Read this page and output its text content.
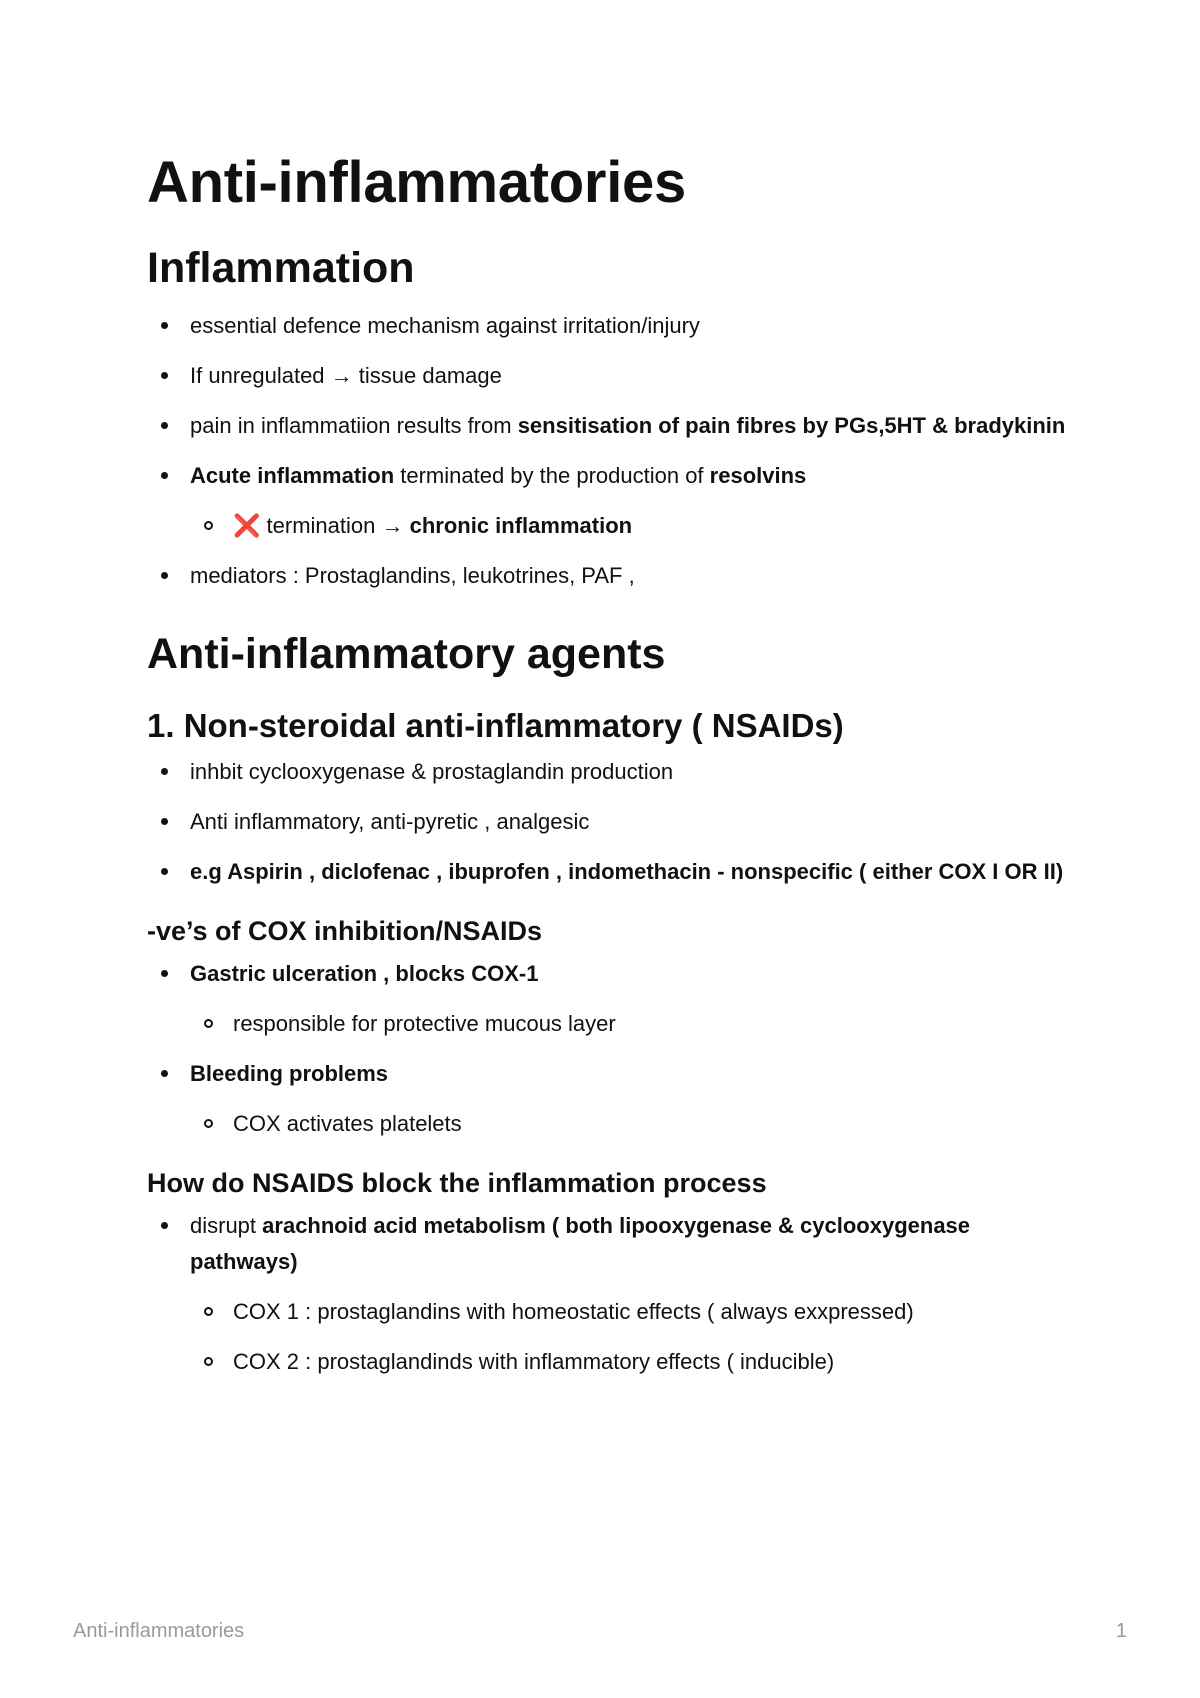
Anti-inflammatories
Inflammation
essential defence mechanism against irritation/injury
If unregulated → tissue damage
pain in inflammatiion results from sensitisation of pain fibres by PGs,5HT & bradykinin
Acute inflammation terminated by the production of resolvins
❌ termination → chronic inflammation
mediators : Prostaglandins, leukotrines, PAF ,
Anti-inflammatory agents
1. Non-steroidal anti-inflammatory ( NSAIDs)
inhbit cyclooxygenase & prostaglandin production
Anti inflammatory, anti-pyretic , analgesic
e.g Aspirin , diclofenac , ibuprofen , indomethacin - nonspecific ( either COX I OR II)
-ve’s of COX inhibition/NSAIDs
Gastric ulceration , blocks COX-1
responsible for protective mucous layer
Bleeding problems
COX activates platelets
How do NSAIDS block the inflammation process
disrupt arachnoid acid metabolism ( both lipooxygenase & cyclooxygenase pathways)
COX 1 : prostaglandins with homeostatic effects ( always exxpressed)
COX 2 : prostaglandinds with inflammatory effects ( inducible)
Anti-inflammatories	1
